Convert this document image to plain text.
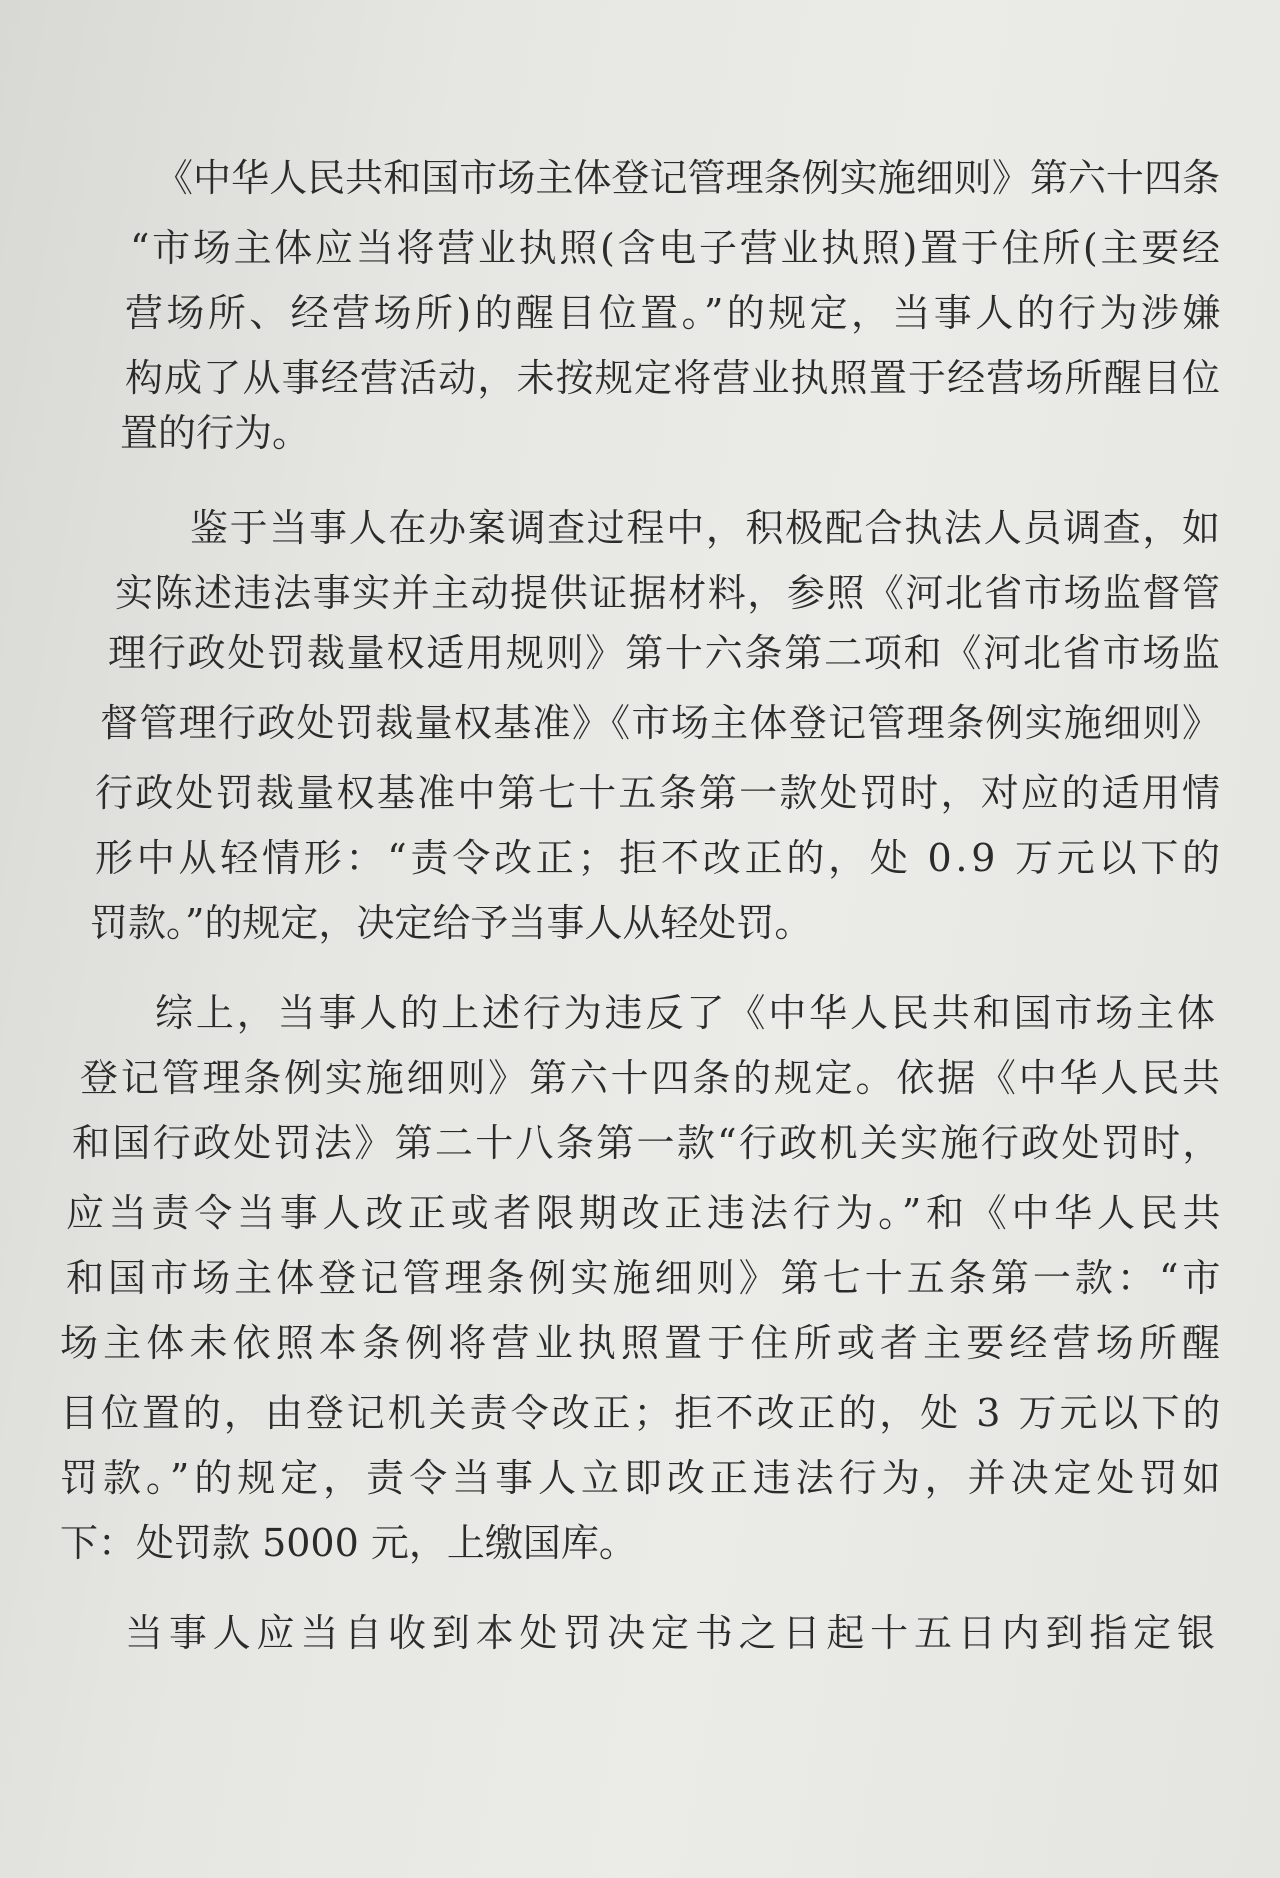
《中华人民共和国市场主体登记管理条例实施细则》第六十四条
“市场主体应当将营业执照(含电子营业执照)置于住所(主要经
营场所、经营场所)的醒目位置。”的规定，当事人的行为涉嫌
构成了从事经营活动，未按规定将营业执照置于经营场所醒目位
置的行为。
鉴于当事人在办案调查过程中，积极配合执法人员调查，如
实陈述违法事实并主动提供证据材料，参照《河北省市场监督管
理行政处罚裁量权适用规则》第十六条第二项和《河北省市场监
督管理行政处罚裁量权基准》《市场主体登记管理条例实施细则》
行政处罚裁量权基准中第七十五条第一款处罚时，对应的适用情
形中从轻情形：“责令改正；拒不改正的，处 0.9 万元以下的
罚款。”的规定，决定给予当事人从轻处罚。
综上，当事人的上述行为违反了《中华人民共和国市场主体
登记管理条例实施细则》第六十四条的规定。依据《中华人民共
和国行政处罚法》第二十八条第一款“行政机关实施行政处罚时，
应当责令当事人改正或者限期改正违法行为。”和《中华人民共
和国市场主体登记管理条例实施细则》第七十五条第一款：“市
场主体未依照本条例将营业执照置于住所或者主要经营场所醒
目位置的，由登记机关责令改正；拒不改正的，处 3 万元以下的
罚款。”的规定，责令当事人立即改正违法行为，并决定处罚如
下：处罚款 5000 元，上缴国库。
当事人应当自收到本处罚决定书之日起十五日内到指定银
